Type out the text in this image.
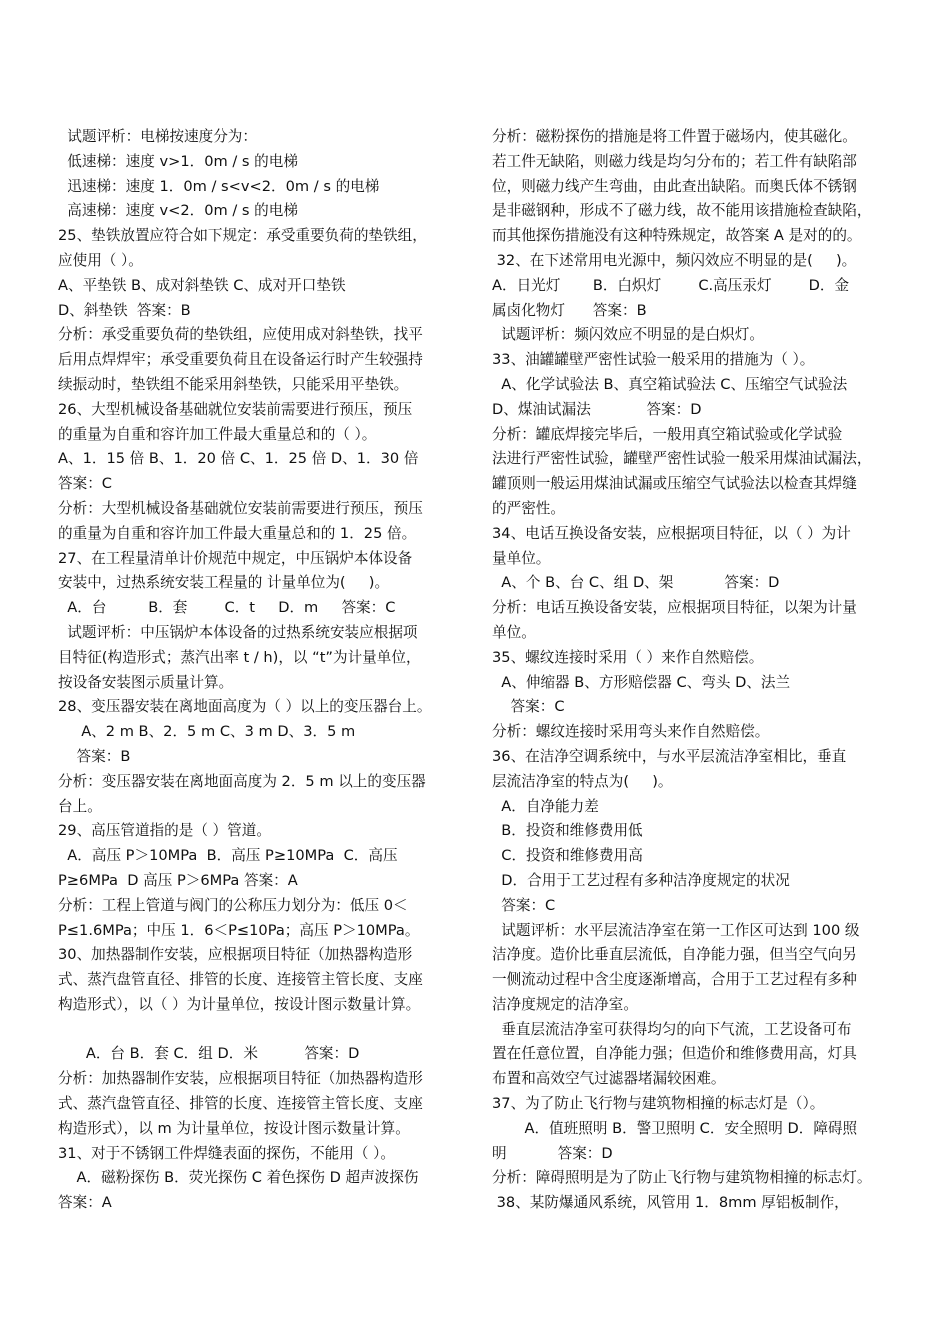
试题评析：电梯按速度分为：
低速梯：速度 v>1．0m / s 的电梯
迅速梯：速度 1．0m / s<v<2．0m / s 的电梯
高速梯：速度 v<2．0m / s 的电梯
25、垫铁放置应符合如下规定：承受重要负荷的垫铁组，
应使用（ ）。
A、平垫铁 B、成对斜垫铁 C、成对开口垫铁
D、斜垫铁  答案：B
分析：承受重要负荷的垫铁组，应使用成对斜垫铁，找平
后用点焊焊牢；承受重要负荷且在设备运行时产生较强持
续振动时，垫铁组不能采用斜垫铁，只能采用平垫铁。
26、大型机械设备基础就位安装前需要进行预压，预压
的重量为自重和容许加工件最大重量总和的（ ）。
A、1．15 倍 B、1．20 倍 C、1．25 倍 D、1．30 倍
答案：C
分析：大型机械设备基础就位安装前需要进行预压，预压
的重量为自重和容许加工件最大重量总和的 1．25 倍。
27、在工程量清单计价规范中规定，中压锅炉本体设备
安装中，过热系统安装工程量的 计量单位为(     )。
A．台         B．套        C．t     D．m     答案：C
试题评析：中压锅炉本体设备的过热系统安装应根据项
目特征(构造形式；蒸汽出率 t / h)，以 “t”为计量单位，
按设备安装图示质量计算。
28、变压器安装在离地面高度为（ ）以上的变压器台上。
A、2 m B、2．5 m C、3 m D、3．5 m
答案：B
分析：变压器安装在离地面高度为 2．5 m 以上的变压器
台上。
29、高压管道指的是（ ）管道。
A．高压 P＞10MPa  B．高压 P≥10MPa  C．高压
P≥6MPa  D 高压 P＞6MPa 答案：A
分析：工程上管道与阀门的公称压力划分为：低压 0＜
P≤1.6MPa；中压 1．6＜P≤10Pa；高压 P＞10MPa。
30、加热器制作安装，应根据项目特征（加热器构造形
式、蒸汽盘管直径、排管的长度、连接管主管长度、支座
构造形式），以（ ）为计量单位，按设计图示数量计算。
A．台 B．套 C．组 D．米          答案：D
分析：加热器制作安装，应根据项目特征（加热器构造形
式、蒸汽盘管直径、排管的长度、连接管主管长度、支座
构造形式），以 m 为计量单位，按设计图示数量计算。
31、对于不锈钢工件焊缝表面的探伤，不能用（ ）。
A．磁粉探伤 B．荧光探伤 C 着色探伤 D 超声波探伤
答案：A
分析：磁粉探伤的措施是将工件置于磁场内，使其磁化。
若工件无缺陷，则磁力线是均匀分布的；若工件有缺陷部
位，则磁力线产生弯曲，由此查出缺陷。而奥氏体不锈钢
是非磁钢种，形成不了磁力线，故不能用该措施检查缺陷，
而其他探伤措施没有这种特殊规定，故答案 A 是对的的。
32、在下述常用电光源中，频闪效应不明显的是(     )。
A．日光灯       B．白炽灯        C.高压汞灯        D．金
属卤化物灯      答案：B
试题评析：频闪效应不明显的是白炽灯。
33、油罐罐壁严密性试验一般采用的措施为（ ）。
A、化学试验法 B、真空箱试验法 C、压缩空气试验法
D、煤油试漏法            答案：D
分析：罐底焊接完毕后，一般用真空箱试验或化学试验
法进行严密性试验，罐壁严密性试验一般采用煤油试漏法，
罐顶则一般运用煤油试漏或压缩空气试验法以检查其焊缝
的严密性。
34、电话互换设备安装，应根据项目特征，以（ ）为计
量单位。
A、个 B、台 C、组 D、架           答案：D
分析：电话互换设备安装，应根据项目特征，以架为计量
单位。
35、螺纹连接时采用（ ）来作自然赔偿。
A、伸缩器 B、方形赔偿器 C、弯头 D、法兰
答案：C
分析：螺纹连接时采用弯头来作自然赔偿。
36、在洁净空调系统中，与水平层流洁净室相比，垂直
层流洁净室的特点为(     )。
A．自净能力差
B．投资和维修费用低
C．投资和维修费用高
D．合用于工艺过程有多种洁净度规定的状况
答案：C
试题评析：水平层流洁净室在第一工作区可达到 100 级
洁净度。造价比垂直层流低，自净能力强，但当空气向另
一侧流动过程中含尘度逐渐增高，合用于工艺过程有多种
洁净度规定的洁净室。
垂直层流洁净室可获得均匀的向下气流，工艺设备可布
置在任意位置，自净能力强；但造价和维修费用高，灯具
布置和高效空气过滤器堵漏较困难。
37、为了防止飞行物与建筑物相撞的标志灯是（）。
A．值班照明 B．警卫照明 C．安全照明 D．障碍照
明           答案：D
分析：障碍照明是为了防止飞行物与建筑物相撞的标志灯。
38、某防爆通风系统，风管用 1．8mm 厚铝板制作，
